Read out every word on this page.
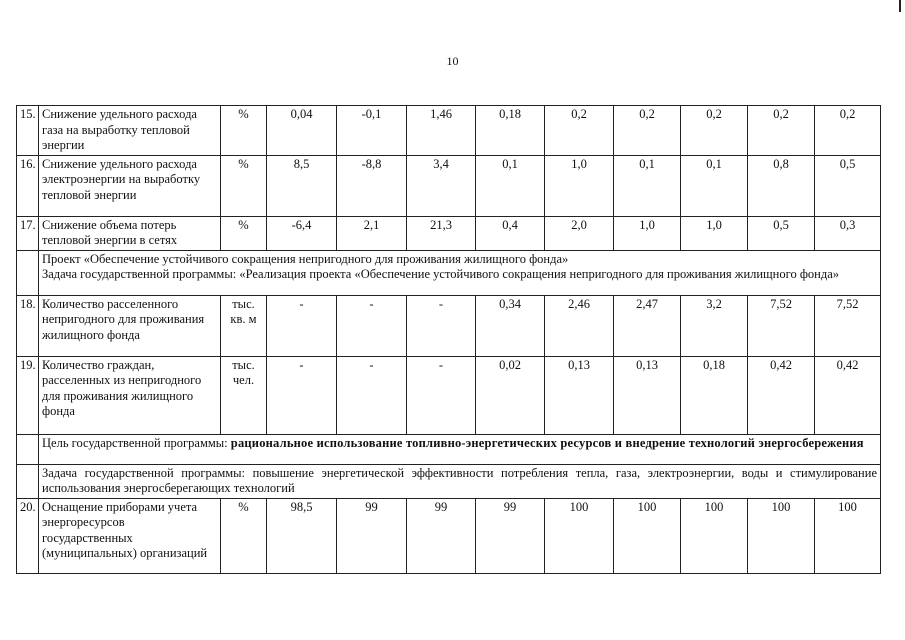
10
15.	Снижение удельного расхода газа на выработку тепловой энергии	%	0,04	-0,1	1,46	0,18	0,2	0,2	0,2	0,2	0,2
16.	Снижение удельного расхода электроэнергии на выработку тепловой энергии	%	8,5	-8,8	3,4	0,1	1,0	0,1	0,1	0,8	0,5
17.	Снижение объема потерь тепловой энергии в сетях	%	-6,4	2,1	21,3	0,4	2,0	1,0	1,0	0,5	0,3

	Проект «Обеспечение устойчивого сокращения непригодного для проживания жилищного фонда»
Задача государственной программы: «Реализация проекта «Обеспечение устойчивого сокращения непригодного для проживания жилищного фонда»										

18.	Количество расселенного непригодного для проживания жилищного фонда	тыс. кв. м	-	-	-	0,34	2,46	2,47	3,2	7,52	7,52
19.	Количество граждан, расселенных из непригодного для проживания жилищного фонда	тыс. чел.	-	-	-	0,02	0,13	0,13	0,18	0,42	0,42
	Цель государственной программы: рациональное использование топливно-энергетических ресурсов и внедрение технологий энергосбережения										
	Задача государственной программы: повышение энергетической эффективности потребления тепла, газа, электроэнергии, воды и стимулирование использования энергосберегающих технологий										
20.	Оснащение приборами учета энергоресурсов государственных (муниципальных) организаций	%	98,5	99	99	99	100	100	100	100	100
